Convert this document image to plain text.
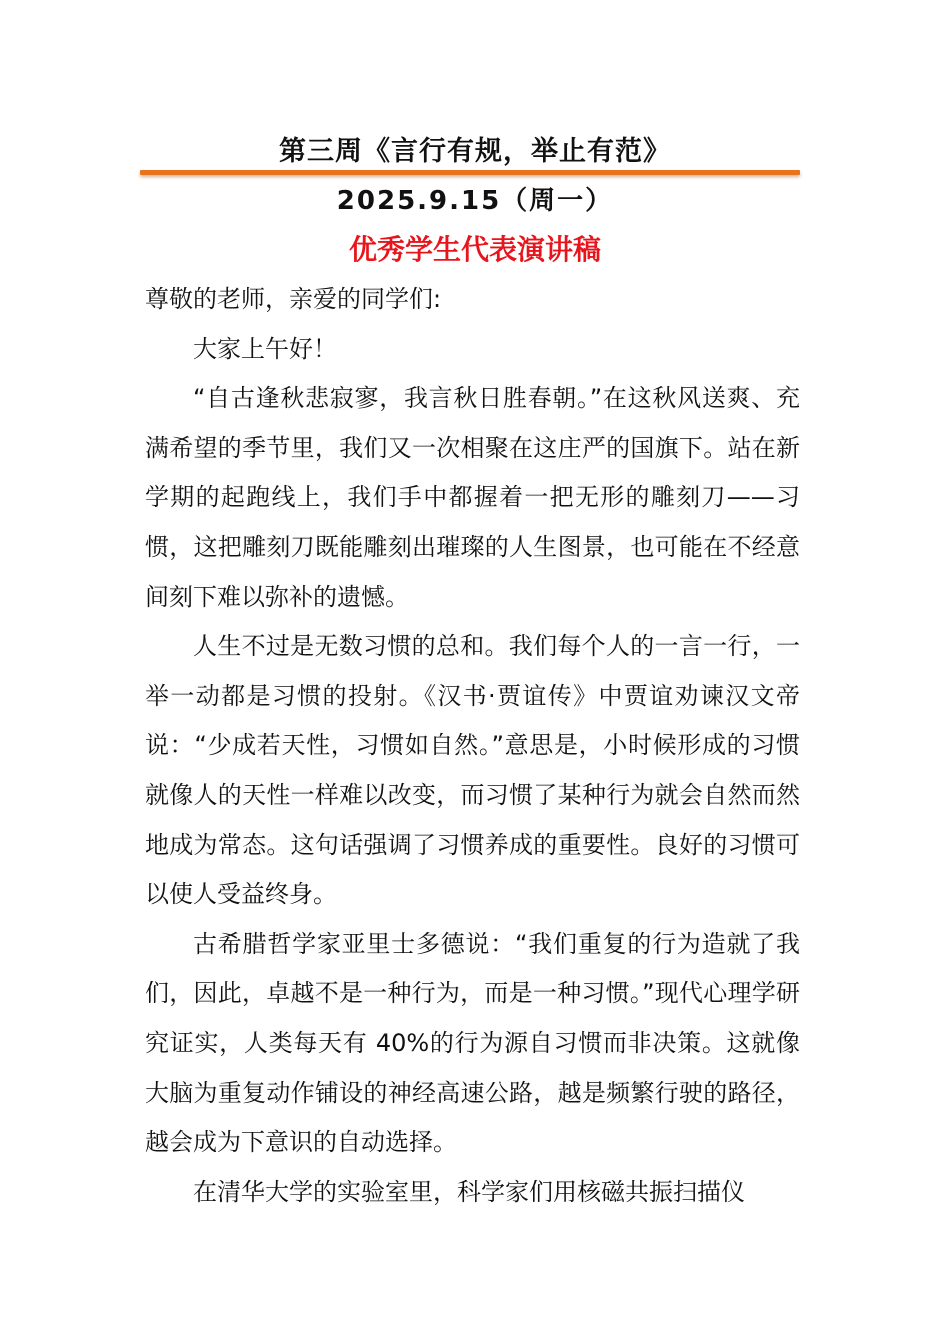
第三周《言行有规，举止有范》
2025.9.15（周一）
优秀学生代表演讲稿

尊敬的老师，亲爱的同学们:

大家上午好！

“自古逢秋悲寂寥，我言秋日胜春朝。”在这秋风送爽、充满希望的季节里，我们又一次相聚在这庄严的国旗下。站在新学期的起跑线上，我们手中都握着一把无形的雕刻刀——习惯，这把雕刻刀既能雕刻出璀璨的人生图景，也可能在不经意间刻下难以弥补的遗憾。

人生不过是无数习惯的总和。我们每个人的一言一行，一举一动都是习惯的投射。《汉书·贾谊传》中贾谊劝谏汉文帝说：“少成若天性，习惯如自然。”意思是，小时候形成的习惯就像人的天性一样难以改变，而习惯了某种行为就会自然而然地成为常态。这句话强调了习惯养成的重要性。良好的习惯可以使人受益终身。

古希腊哲学家亚里士多德说：“我们重复的行为造就了我们，因此，卓越不是一种行为，而是一种习惯。”现代心理学研究证实，人类每天有 40%的行为源自习惯而非决策。这就像大脑为重复动作铺设的神经高速公路，越是频繁行驶的路径，越会成为下意识的自动选择。

在清华大学的实验室里，科学家们用核磁共振扫描仪
